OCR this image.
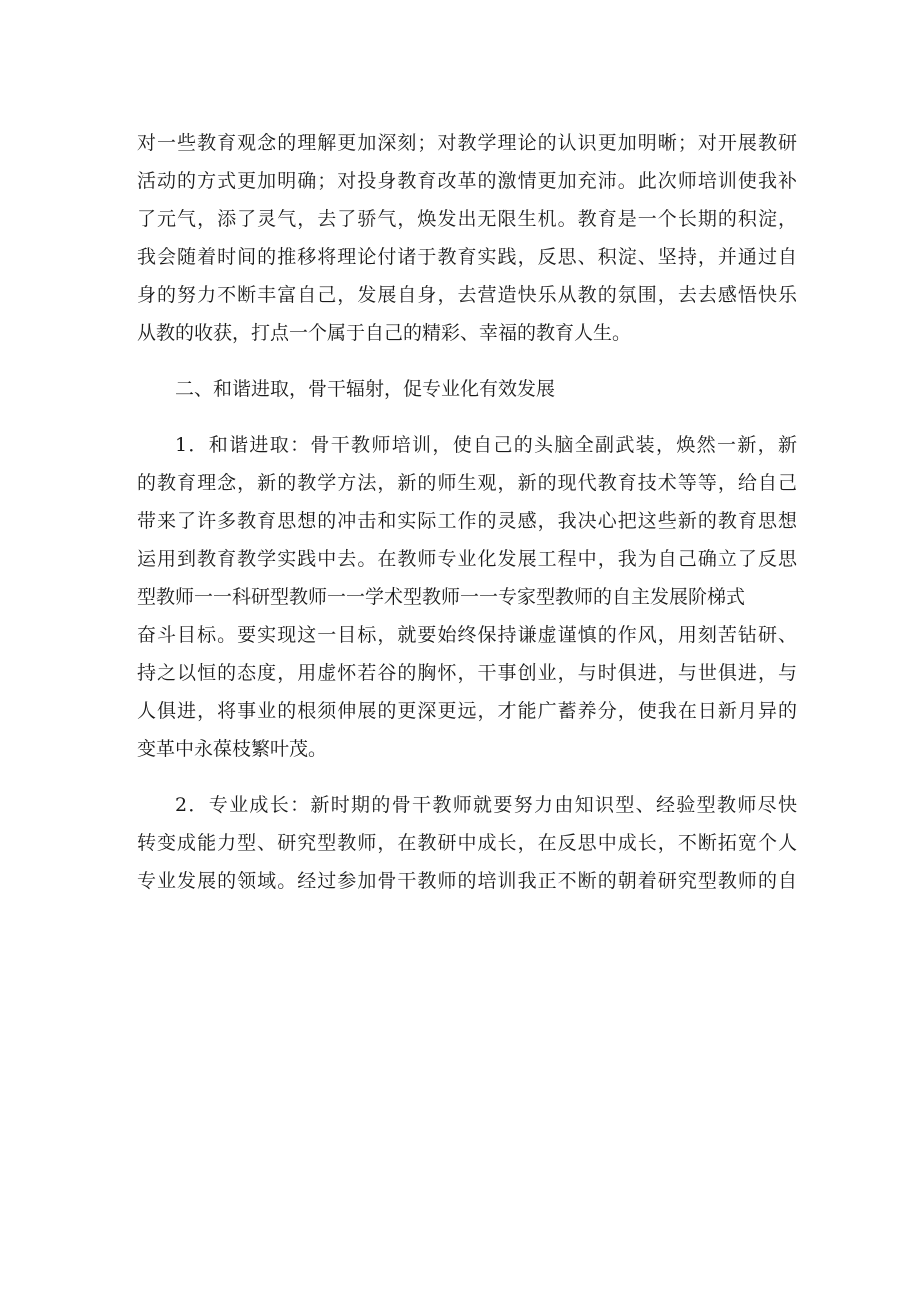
对一些教育观念的理解更加深刻；对教学理论的认识更加明晰；对开展教研
活动的方式更加明确；对投身教育改革的激情更加充沛。此次师培训使我补
了元气，添了灵气，去了骄气，焕发出无限生机。教育是一个长期的积淀，
我会随着时间的推移将理论付诸于教育实践，反思、积淀、坚持，并通过自
身的努力不断丰富自己，发展自身，去营造快乐从教的氛围，去去感悟快乐
从教的收获，打点一个属于自己的精彩、幸福的教育人生。
二、和谐进取，骨干辐射，促专业化有效发展
1．和谐进取：骨干教师培训，使自己的头脑全副武装，焕然一新，新
的教育理念，新的教学方法，新的师生观，新的现代教育技术等等，给自己
带来了许多教育思想的冲击和实际工作的灵感，我决心把这些新的教育思想
运用到教育教学实践中去。在教师专业化发展工程中，我为自己确立了反思
型教师一一科研型教师一一学术型教师一一专家型教师的自主发展阶梯式
奋斗目标。要实现这一目标，就要始终保持谦虚谨慎的作风，用刻苦钻研、
持之以恒的态度，用虚怀若谷的胸怀，干事创业，与时俱进，与世俱进，与
人俱进，将事业的根须伸展的更深更远，才能广蓄养分，使我在日新月异的
变革中永葆枝繁叶茂。
2．专业成长：新时期的骨干教师就要努力由知识型、经验型教师尽快
转变成能力型、研究型教师，在教研中成长，在反思中成长，不断拓宽个人
专业发展的领域。经过参加骨干教师的培训我正不断的朝着研究型教师的自
